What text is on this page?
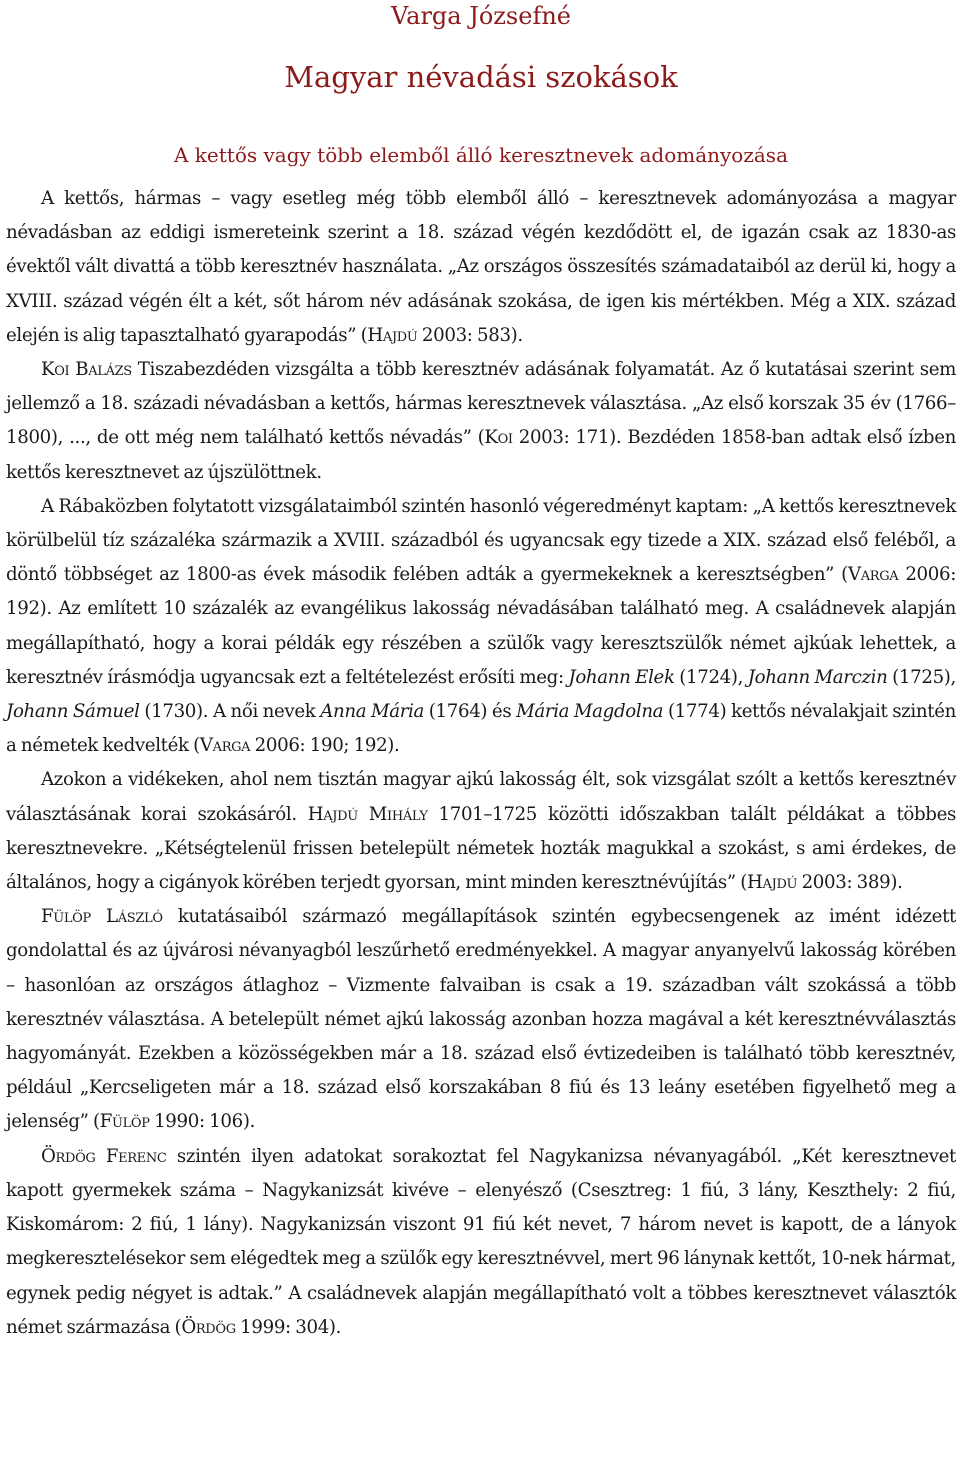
Varga Józsefné
Magyar névadási szokások
A kettős vagy több elemből álló keresztnevek adományozása

A kettős, hármas – vagy esetleg még több elemből álló – keresztnevek adományozása a magyar névadásban az eddigi ismereteink szerint a 18. század végén kezdődött el, de igazán csak az 1830-as évektől vált divattá a több keresztnév használata. „Az országos összesítés számadataiból az derül ki, hogy a XVIII. század végén élt a két, sőt három név adásának szokása, de igen kis mértékben. Még a XIX. század elején is alig tapasztalható gyarapodás” (Hajdú 2003: 583).

Koi Balázs Tiszabezdéden vizsgálta a több keresztnév adásának folyamatát. Az ő kutatásai szerint sem jellemző a 18. századi névadásban a kettős, hármas keresztnevek választása. „Az első korszak 35 év (1766–1800), ..., de ott még nem található kettős névadás” (Koi 2003: 171). Bezdéden 1858-ban adtak első ízben kettős keresztnevet az újszülöttnek.

A Rábaközben folytatott vizsgálataimból szintén hasonló végeredményt kaptam: „A kettős keresztnevek körülbelül tíz százaléka származik a XVIII. századból és ugyancsak egy tizede a XIX. század első feléből, a döntő többséget az 1800-as évek második felében adták a gyermekeknek a keresztségben” (Varga 2006: 192). Az említett 10 százalék az evangélikus lakosság névadásában található meg. A családnevek alapján megállapítható, hogy a korai példák egy részében a szülők vagy keresztszülők német ajkúak lehettek, a keresztnév írásmódja ugyancsak ezt a feltételezést erősíti meg: Johann Elek (1724), Johann Marczin (1725), Johann Sámuel (1730). A női nevek Anna Mária (1764) és Mária Magdolna (1774) kettős névalakjait szintén a németek kedvelték (Varga 2006: 190; 192).

Azokon a vidékeken, ahol nem tisztán magyar ajkú lakosság élt, sok vizsgálat szólt a kettős keresztnév választásának korai szokásáról. Hajdú Mihály 1701–1725 közötti időszakban talált példákat a többes keresztnevekre. „Kétségtelenül frissen betelepült németek hozták magukkal a szokást, s ami érdekes, de általános, hogy a cigányok körében terjedt gyorsan, mint minden keresztnévújítás” (Hajdú 2003: 389).

Fülöp László kutatásaiból származó megállapítások szintén egybecsengenek az imént idézett gondolattal és az újvárosi névanyagból leszűrhető eredményekkel. A magyar anyanyelvű lakosság körében – hasonlóan az országos átlaghoz – Vizmente falvaiban is csak a 19. században vált szokássá a több keresztnév választása. A betelepült német ajkú lakosság azonban hozza magával a két keresztnévválasztás hagyományát. Ezekben a közösségekben már a 18. század első évtizedeiben is található több keresztnév, például „Kercseligeten már a 18. század első korszakában 8 fiú és 13 leány esetében figyelhető meg a jelenség” (Fülöp 1990: 106).

Ördög Ferenc szintén ilyen adatokat sorakoztat fel Nagykanizsa névanyagából. „Két keresztnevet kapott gyermekek száma – Nagykanizsát kivéve – elenyésző (Csesztreg: 1 fiú, 3 lány, Keszthely: 2 fiú, Kiskomárom: 2 fiú, 1 lány). Nagykanizsán viszont 91 fiú két nevet, 7 három nevet is kapott, de a lányok megkeresztelésekor sem elégedtek meg a szülők egy keresztnévvel, mert 96 lánynak kettőt, 10-nek hármat, egynek pedig négyet is adtak.” A családnevek alapján megállapítható volt a többes keresztnevet választók német származása (Ördög 1999: 304).
